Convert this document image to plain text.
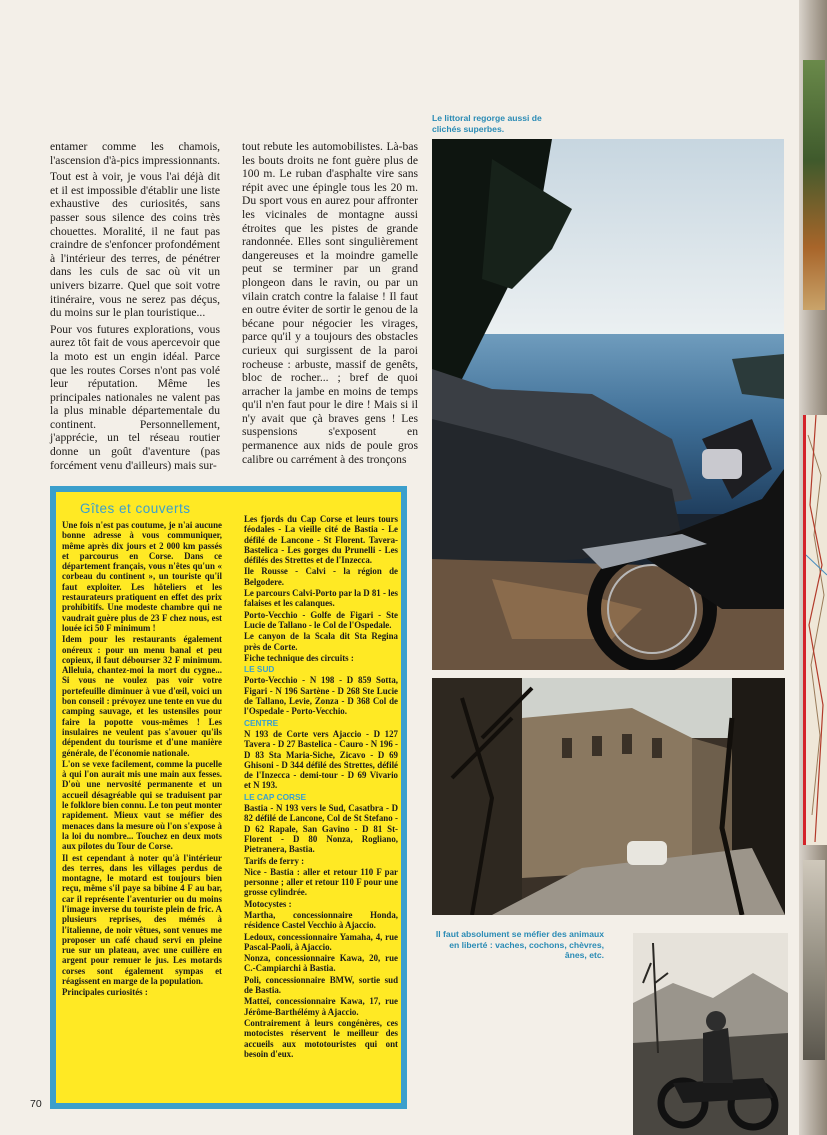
entamer comme les chamois, l'ascension d'à-pics impressionnants.

Tout est à voir, je vous l'ai déjà dit et il est impossible d'établir une liste exhaustive des curiosités, sans passer sous silence des coins très chouettes. Moralité, il ne faut pas craindre de s'enfoncer profondément à l'intérieur des terres, de pénétrer dans les culs de sac où vit un univers bizarre. Quel que soit votre itinéraire, vous ne serez pas déçus, du moins sur le plan touristique...

Pour vos futures explorations, vous aurez tôt fait de vous apercevoir que la moto est un engin idéal. Parce que les routes Corses n'ont pas volé leur réputation. Même les principales nationales ne valent pas la plus minable départementale du continent. Personnellement, j'apprécie, un tel réseau routier donne un goût d'aventure (pas forcément venu d'ailleurs) mais sur-

tout rebute les automobilistes. Là-bas les bouts droits ne font guère plus de 100 m. Le ruban d'asphalte vire sans répit avec une épingle tous les 20 m. Du sport vous en aurez pour affronter les vicinales de montagne aussi étroites que les pistes de grande randonnée. Elles sont singulièrement dangereuses et la moindre gamelle peut se terminer par un grand plongeon dans le ravin, ou par un vilain cratch contre la falaise ! Il faut en outre éviter de sortir le genou de la bécane pour négocier les virages, parce qu'il y a toujours des obstacles curieux qui surgissent de la paroi rocheuse : arbuste, massif de genêts, bloc de rocher... ; bref de quoi arracher la jambe en moins de temps qu'il n'en faut pour le dire ! Mais si il n'y avait que çà braves gens ! Les suspensions s'exposent en permanence aux nids de poule gros calibre ou carrément à des tronçons

Le littoral regorge aussi de clichés superbes.
Il faut absolument se méfier des animaux en liberté : vaches, cochons, chèvres, ânes, etc.
Gîtes et couverts

Une fois n'est pas coutume, je n'ai aucune bonne adresse à vous communiquer, même après dix jours et 2 000 km passés et parcourus en Corse. Dans ce département français, vous n'êtes qu'un « corbeau du continent », un touriste qu'il faut exploiter. Les hôteliers et les restaurateurs pratiquent en effet des prix prohibitifs. Une modeste chambre qui ne vaudrait guère plus de 23 F chez nous, est louée ici 50 F minimum !

Idem pour les restaurants également onéreux : pour un menu banal et peu copieux, il faut débourser 32 F minimum. Alleluia, chantez-moi la mort du cygne... Si vous ne voulez pas voir votre portefeuille diminuer à vue d'œil, voici un bon conseil : prévoyez une tente en vue du camping sauvage, et les ustensiles pour faire la popotte vous-mêmes ! Les insulaires ne veulent pas s'avouer qu'ils dépendent du tourisme et d'une manière générale, de l'économie nationale.

L'on se vexe facilement, comme la pucelle à qui l'on aurait mis une main aux fesses. D'où une nervosité permanente et un accueil désagréable qui se traduisent par le folklore bien connu. Le ton peut monter rapidement. Mieux vaut se méfier des menaces dans la mesure où l'on s'expose à la loi du nombre... Touchez en deux mots aux pilotes du Tour de Corse.

Il est cependant à noter qu'à l'intérieur des terres, dans les villages perdus de montagne, le motard est toujours bien reçu, même s'il paye sa bibine 4 F au bar, car il représente l'aventurier ou du moins l'image inverse du touriste plein de fric. A plusieurs reprises, des mémés à l'italienne, de noir vêtues, sont venues me proposer un café chaud servi en pleine rue sur un plateau, avec une cuillère en argent pour remuer le jus. Les motards corses sont également sympas et réagissent en marge de la population.

Principales curiosités :

Les fjords du Cap Corse et leurs tours féodales - La vieille cité de Bastia - Le défilé de Lancone - St Florent. Tavera-Bastelica - Les gorges du Prunelli - Les défilés des Strettes et de l'Inzecca.

Ile Rousse - Calvi - la région de Belgodere.

Le parcours Calvi-Porto par la D 81 - les falaises et les calanques.

Porto-Vecchio - Golfe de Figari - Ste Lucie de Tallano - le Col de l'Ospedale.

Le canyon de la Scala dit Sta Regina près de Corte.

Fiche technique des circuits :

LE SUD

Porto-Vecchio - N 198 - D 859 Sotta, Figari - N 196 Sartène - D 268 Ste Lucie de Tallano, Levie, Zonza - D 368 Col de l'Ospedale - Porto-Vecchio.

CENTRE

N 193 de Corte vers Ajaccio - D 127 Tavera - D 27 Bastelica - Cauro - N 196 - D 83 Sta Maria-Siche, Zicavo - D 69 Ghisoni - D 344 défilé des Strettes, défilé de l'Inzecca - demi-tour - D 69 Vivario et N 193.

LE CAP CORSE

Bastia - N 193 vers le Sud, Casatbra - D 82 défilé de Lancone, Col de St Stefano - D 62 Rapale, San Gavino - D 81 St-Florent - D 80 Nonza, Rogliano, Pietranera, Bastia.

Tarifs de ferry :

Nice - Bastia : aller et retour 110 F par personne ; aller et retour 110 F pour une grosse cylindrée.

Motocystes :

Martha, concessionnaire Honda, résidence Castel Vecchio à Ajaccio.

Ledoux, concessionnaire Yamaha, 4, rue Pascal-Paoli, à Ajaccio.

Nonza, concessionnaire Kawa, 20, rue C.-Campiarchi à Bastia.

Poli, concessionnaire BMW, sortie sud de Bastia.

Matteï, concessionnaire Kawa, 17, rue Jérôme-Barthélémy à Ajaccio.

Contrairement à leurs congénères, ces motocistes réservent le meilleur des accueils aux mototouristes qui ont besoin d'eux.

70
